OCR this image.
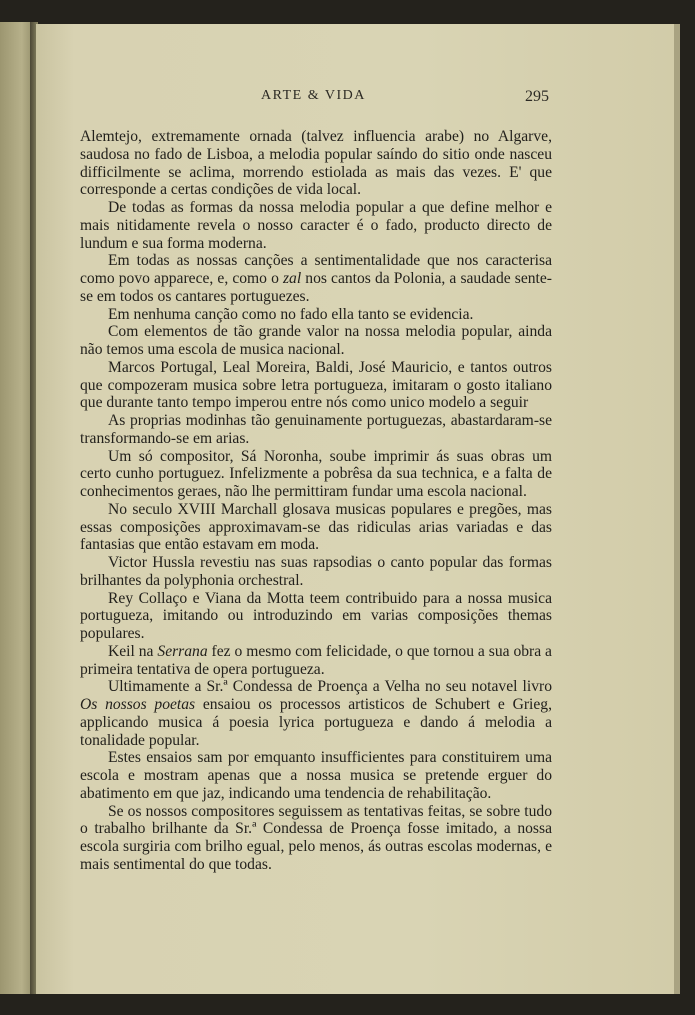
ARTE & VIDA	295

Alemtejo, extremamente ornada (talvez influencia arabe) no Algarve, saudosa no fado de Lisboa, a melodia popular saíndo do sitio onde nasceu difficilmente se aclima, morrendo estiolada as mais das vezes. E' que corresponde a certas condições de vida local.

De todas as formas da nossa melodia popular a que define melhor e mais nitidamente revela o nosso caracter é o fado, producto directo de lundum e sua forma moderna.

Em todas as nossas canções a sentimentalidade que nos caracterisa como povo apparece, e, como o zal nos cantos da Polonia, a saudade sente-se em todos os cantares portuguezes.

Em nenhuma canção como no fado ella tanto se evidencia.

Com elementos de tão grande valor na nossa melodia popular, ainda não temos uma escola de musica nacional.

Marcos Portugal, Leal Moreira, Baldi, José Mauricio, e tantos outros que compozeram musica sobre letra portugueza, imitaram o gosto italiano que durante tanto tempo imperou entre nós como unico modelo a seguir

As proprias modinhas tão genuinamente portuguezas, abastardaram-se transformando-se em arias.

Um só compositor, Sá Noronha, soube imprimir ás suas obras um certo cunho portuguez. Infelizmente a pobrêsa da sua technica, e a falta de conhecimentos geraes, não lhe permittiram fundar uma escola nacional.

No seculo XVIII Marchall glosava musicas populares e pregões, mas essas composições approximavam-se das ridiculas arias variadas e das fantasias que então estavam em moda.

Victor Hussla revestiu nas suas rapsodias o canto popular das formas brilhantes da polyphonia orchestral.

Rey Collaço e Viana da Motta teem contribuido para a nossa musica portugueza, imitando ou introduzindo em varias composições themas populares.

Keil na Serrana fez o mesmo com felicidade, o que tornou a sua obra a primeira tentativa de opera portugueza.

Ultimamente a Sr.ª Condessa de Proença a Velha no seu notavel livro Os nossos poetas ensaiou os processos artisticos de Schubert e Grieg, applicando musica á poesia lyrica portugueza e dando á melodia a tonalidade popular.

Estes ensaios sam por emquanto insufficientes para constituirem uma escola e mostram apenas que a nossa musica se pretende erguer do abatimento em que jaz, indicando uma tendencia de rehabilitação.

Se os nossos compositores seguissem as tentativas feitas, se sobre tudo o trabalho brilhante da Sr.ª Condessa de Proença fosse imitado, a nossa escola surgiria com brilho egual, pelo menos, ás outras escolas modernas, e mais sentimental do que todas.
